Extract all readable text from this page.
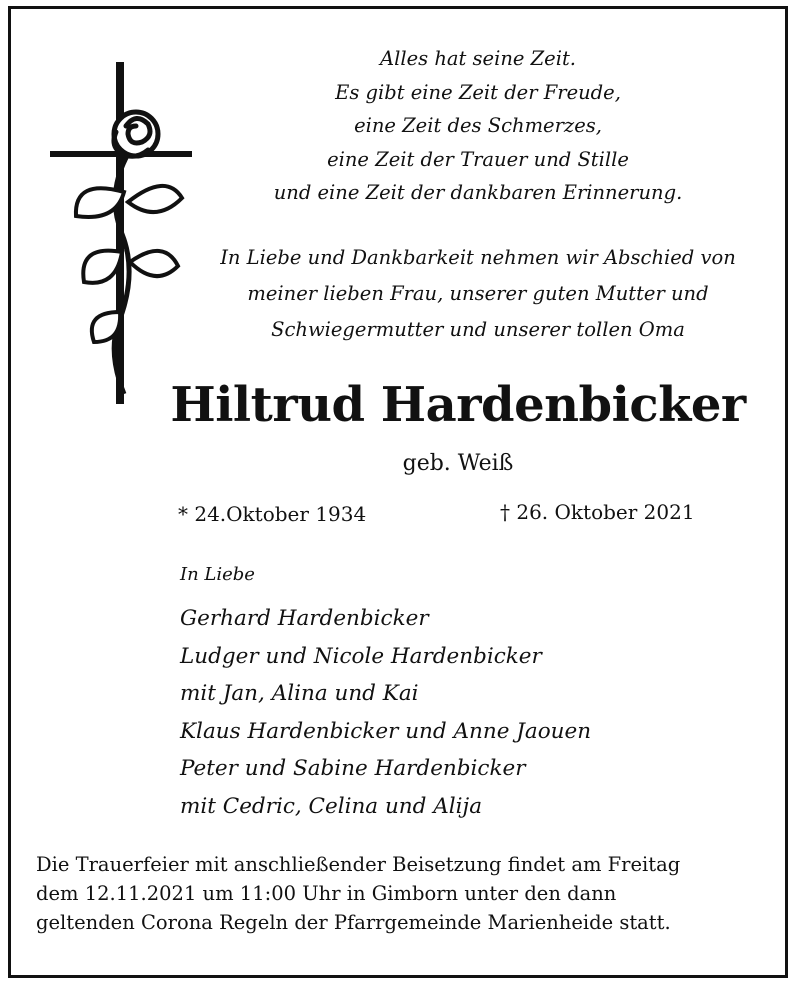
Alles hat seine Zeit.
Es gibt eine Zeit der Freude,
eine Zeit des Schmerzes,
eine Zeit der Trauer und Stille
und eine Zeit der dankbaren Erinnerung.
In Liebe und Dankbarkeit nehmen wir Abschied von
meiner lieben Frau, unserer guten Mutter und
Schwiegermutter und unserer tollen Oma
Hiltrud Hardenbicker
geb. Weiß
* 24.Oktober 1934	† 26. Oktober 2021
In Liebe
Gerhard Hardenbicker
Ludger und Nicole Hardenbicker
mit Jan, Alina und Kai
Klaus Hardenbicker und Anne Jaouen
Peter und Sabine Hardenbicker
mit Cedric, Celina und Alija
Die Trauerfeier mit anschließender Beisetzung findet am Freitag
dem 12.11.2021 um 11:00 Uhr in Gimborn unter den dann
geltenden Corona Regeln der Pfarrgemeinde Marienheide statt.
